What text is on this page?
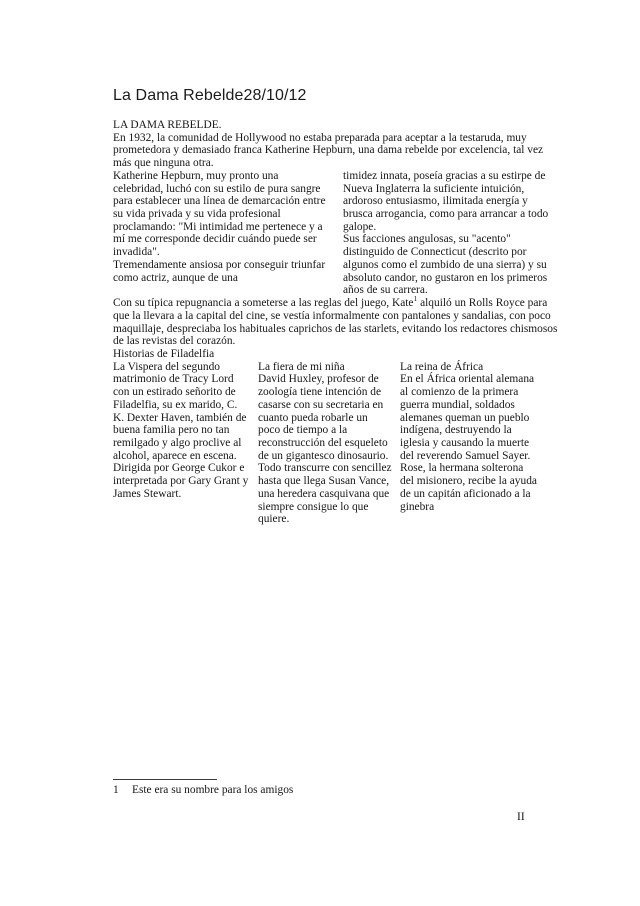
La Dama Rebelde28/10/12

LA DAMA REBELDE.

En 1932, la comunidad de Hollywood no estaba preparada para aceptar a la testaruda, muy prometedora y demasiado franca Katherine Hepburn, una dama rebelde por excelencia, tal vez más que ninguna otra.

Katherine Hepburn, muy pronto una celebridad, luchó con su estilo de pura sangre para establecer una línea de demarcación entre su vida privada y su vida profesional proclamando: "Mi intimidad me pertenece y a mí me corresponde decidir cuándo puede ser invadida".

Tremendamente ansiosa por conseguir triunfar como actriz, aunque de una

timidez innata, poseía gracias a su estirpe de Nueva Inglaterra la suficiente intuición, ardoroso entusiasmo, ilimitada energía y brusca arrogancia, como para arrancar a todo galope.

Sus facciones angulosas, su "acento" distinguido de Connecticut (descrito por algunos como el zumbido de una sierra) y su absoluto candor, no gustaron en los primeros años de su carrera.

Con su típica repugnancia a someterse a las reglas del juego, Kate$^1$ alquiló un Rolls Royce para que la llevara a la capital del cine, se vestía informalmente con pantalones y sandalias, con poco maquillaje, despreciaba los habituales caprichos de las starlets, evitando los redactores chismosos de las revistas del corazón.

Historias de Filadelfia

La Vispera del segundo matrimonio de Tracy Lord con un estirado señorito de Filadelfia, su ex marido, C. K. Dexter Haven, también de buena familia pero no tan remilgado y algo proclive al alcohol, aparece en escena. Dirigida por George Cukor e interpretada por Gary Grant y James Stewart.

La fiera de mi niña

David Huxley, profesor de zoología tiene intención de casarse con su secretaria en cuanto pueda robarle un poco de tiempo a la reconstrucción del esqueleto de un gigantesco dinosaurio. Todo transcurre con sencillez hasta que llega Susan Vance, una heredera casquivana que siempre consigue lo que quiere.

La reina de África

En el África oriental alemana al comienzo de la primera guerra mundial, soldados alemanes queman un pueblo indígena, destruyendo la iglesia y causando la muerte del reverendo Samuel Sayer. Rose, la hermana solterona del misionero, recibe la ayuda de un capitán aficionado a la ginebra

1	Este era su nombre para los amigos
II
